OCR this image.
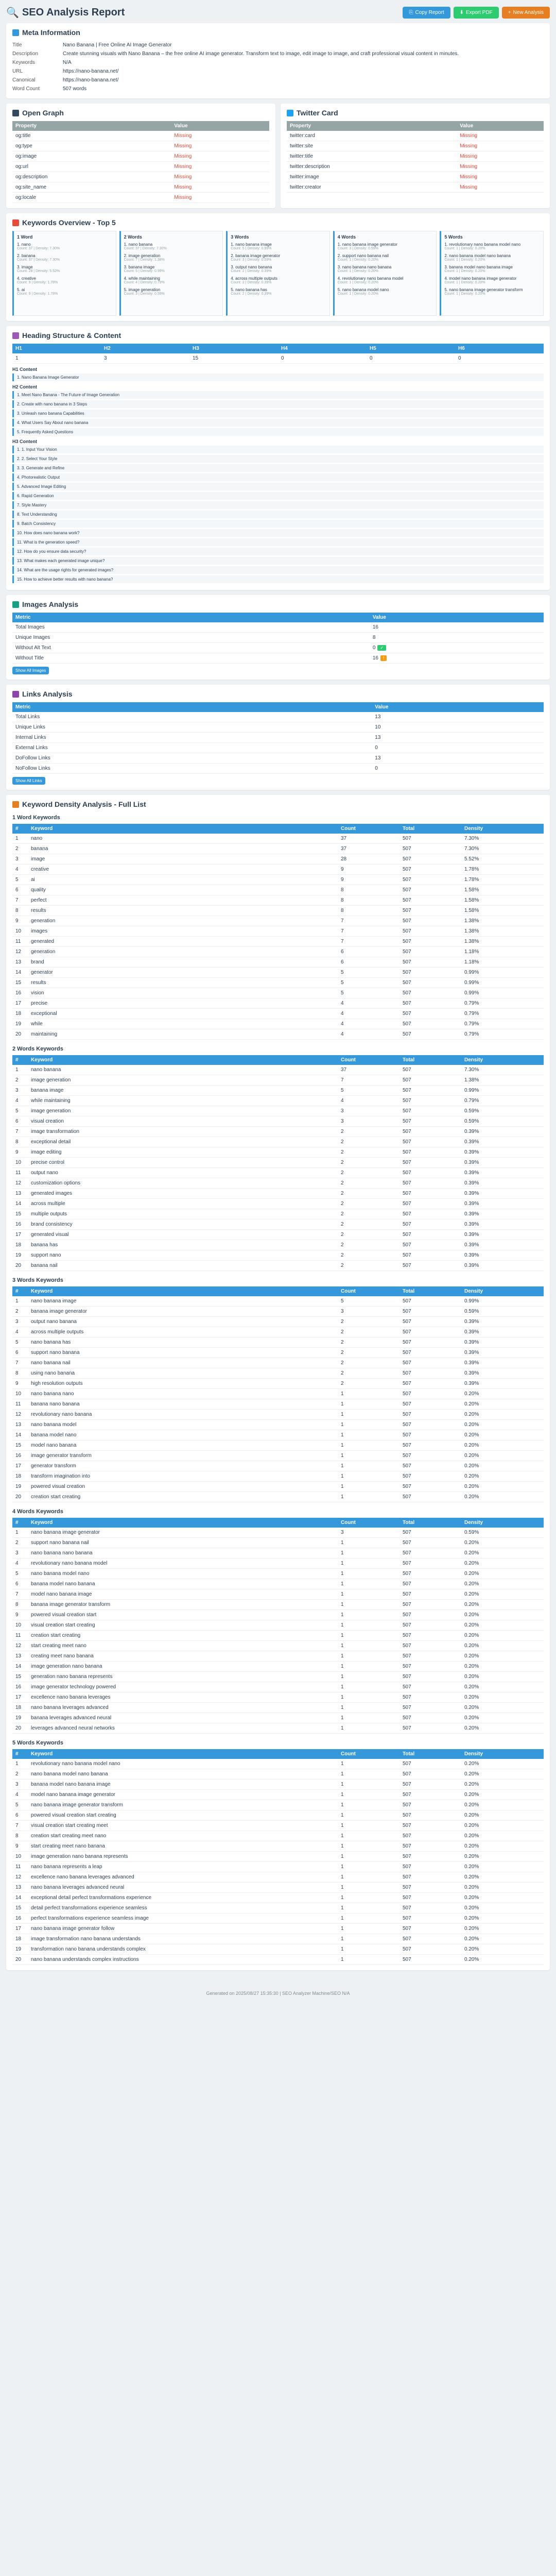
🔍 SEO Analysis Report	⎘ Copy Report	⬇ Export PDF	+ New Analysis
Meta Information
Title	Nano Banana | Free Online AI Image Generator
Description	Create stunning visuals with Nano Banana – the free online AI image generator. Transform text to image, edit image to image, and craft professional visual content in minutes.
Keywords	N/A
URL	https://nano-banana.net/
Canonical	https://nano-banana.net/
Word Count	507 words
Open Graph
Property	Value
og:title	Missing
og:type	Missing
og:image	Missing
og:url	Missing
og:description	Missing
og:site_name	Missing
og:locale	Missing
Twitter Card
Property	Value
twitter:card	Missing
twitter:site	Missing
twitter:title	Missing
twitter:description	Missing
twitter:image	Missing
twitter:creator	Missing
Keywords Overview - Top 5
1 Word
1. nano
Count: 37 | Density: 7.30%
2. banana
Count: 37 | Density: 7.30%
3. image
Count: 28 | Density: 5.52%
4. creative
Count: 9 | Density: 1.78%
5. ai
Count: 9 | Density: 1.78%
2 Words
1. nano banana
Count: 37 | Density: 7.30%
2. image generation
Count: 7 | Density: 1.38%
3. banana image
Count: 5 | Density: 0.99%
4. while maintaining
Count: 4 | Density: 0.79%
5. image generation
Count: 3 | Density: 0.59%
3 Words
1. nano banana image
Count: 5 | Density: 0.99%
2. banana image generator
Count: 3 | Density: 0.59%
3. output nano banana
Count: 2 | Density: 0.39%
4. across multiple outputs
Count: 2 | Density: 0.39%
5. nano banana has
Count: 2 | Density: 0.39%
4 Words
1. nano banana image generator
Count: 3 | Density: 0.59%
2. support nano banana nail
Count: 1 | Density: 0.20%
3. nano banana nano banana
Count: 1 | Density: 0.20%
4. revolutionary nano banana model
Count: 1 | Density: 0.20%
5. nano banana model nano
Count: 1 | Density: 0.20%
5 Words
1. revolutionary nano banana model nano
Count: 1 | Density: 0.20%
2. nano banana model nano banana
Count: 1 | Density: 0.20%
3. banana model nano banana image
Count: 1 | Density: 0.20%
4. model nano banana image generator
Count: 1 | Density: 0.20%
5. nano banana image generator transform
Count: 1 | Density: 0.20%
Heading Structure & Content
H1	H2	H3	H4	H5	H6
1	3	15	0	0	0
H1 Content
1. Nano Banana Image Generator
H2 Content
1. Meet Nano Banana - The Future of Image Generation
2. Create with nano banana in 3 Steps
3. Unleash nano banana Capabilities
4. What Users Say About nano banana
5. Frequently Asked Questions
H3 Content
1. 1. Input Your Vision
2. 2. Select Your Style
3. 3. Generate and Refine
4. Photorealistic Output
5. Advanced Image Editing
6. Rapid Generation
7. Style Mastery
8. Text Understanding
9. Batch Consistency
10. How does nano banana work?
11. What is the generation speed?
12. How do you ensure data security?
13. What makes each generated image unique?
14. What are the usage rights for generated images?
15. How to achieve better results with nano banana?
Images Analysis
Metric	Value
Total Images	16
Unique Images	8
Without Alt Text	0 ✓
Without Title	16 !
Show All Images
Links Analysis
Metric	Value
Total Links	13
Unique Links	10
Internal Links	13
External Links	0
DoFollow Links	13
NoFollow Links	0
Show All Links
Keyword Density Analysis - Full List
1 Word Keywords
#	Keyword	Count	Total	Density
1	nano	37	507	7.30%
2	banana	37	507	7.30%
3	image	28	507	5.52%
4	creative	9	507	1.78%
5	ai	9	507	1.78%
6	quality	8	507	1.58%
7	perfect	8	507	1.58%
8	results	8	507	1.58%
9	generation	7	507	1.38%
10	images	7	507	1.38%
11	generated	7	507	1.38%
12	generation	6	507	1.18%
13	brand	6	507	1.18%
14	generator	5	507	0.99%
15	results	5	507	0.99%
16	vision	5	507	0.99%
17	precise	4	507	0.79%
18	exceptional	4	507	0.79%
19	while	4	507	0.79%
20	maintaining	4	507	0.79%
2 Words Keywords
#	Keyword	Count	Total	Density
1	nano banana	37	507	7.30%
2	image generation	7	507	1.38%
3	banana image	5	507	0.99%
4	while maintaining	4	507	0.79%
5	image generation	3	507	0.59%
6	visual creation	3	507	0.59%
7	image transformation	2	507	0.39%
8	exceptional detail	2	507	0.39%
9	image editing	2	507	0.39%
10	precise control	2	507	0.39%
11	output nano	2	507	0.39%
12	customization options	2	507	0.39%
13	generated images	2	507	0.39%
14	across multiple	2	507	0.39%
15	multiple outputs	2	507	0.39%
16	brand consistency	2	507	0.39%
17	generated visual	2	507	0.39%
18	banana has	2	507	0.39%
19	support nano	2	507	0.39%
20	banana nail	2	507	0.39%
3 Words Keywords
#	Keyword	Count	Total	Density
1	nano banana image	5	507	0.99%
2	banana image generator	3	507	0.59%
3	output nano banana	2	507	0.39%
4	across multiple outputs	2	507	0.39%
5	nano banana has	2	507	0.39%
6	support nano banana	2	507	0.39%
7	nano banana nail	2	507	0.39%
8	using nano banana	2	507	0.39%
9	high resolution outputs	2	507	0.39%
10	nano banana nano	1	507	0.20%
11	banana nano banana	1	507	0.20%
12	revolutionary nano banana	1	507	0.20%
13	nano banana model	1	507	0.20%
14	banana model nano	1	507	0.20%
15	model nano banana	1	507	0.20%
16	image generator transform	1	507	0.20%
17	generator transform	1	507	0.20%
18	transform imagination into	1	507	0.20%
19	powered visual creation	1	507	0.20%
20	creation start creating	1	507	0.20%
4 Words Keywords
#	Keyword	Count	Total	Density
1	nano banana image generator	3	507	0.59%
2	support nano banana nail	1	507	0.20%
3	nano banana nano banana	1	507	0.20%
4	revolutionary nano banana model	1	507	0.20%
5	nano banana model nano	1	507	0.20%
6	banana model nano banana	1	507	0.20%
7	model nano banana image	1	507	0.20%
8	banana image generator transform	1	507	0.20%
9	powered visual creation start	1	507	0.20%
10	visual creation start creating	1	507	0.20%
11	creation start creating	1	507	0.20%
12	start creating meet nano	1	507	0.20%
13	creating meet nano banana	1	507	0.20%
14	image generation nano banana	1	507	0.20%
15	generation nano banana represents	1	507	0.20%
16	image generator technology powered	1	507	0.20%
17	excellence nano banana leverages	1	507	0.20%
18	nano banana leverages advanced	1	507	0.20%
19	banana leverages advanced neural	1	507	0.20%
20	leverages advanced neural networks	1	507	0.20%
5 Words Keywords
#	Keyword	Count	Total	Density
1	revolutionary nano banana model nano	1	507	0.20%
2	nano banana model nano banana	1	507	0.20%
3	banana model nano banana image	1	507	0.20%
4	model nano banana image generator	1	507	0.20%
5	nano banana image generator transform	1	507	0.20%
6	powered visual creation start creating	1	507	0.20%
7	visual creation start creating meet	1	507	0.20%
8	creation start creating meet nano	1	507	0.20%
9	start creating meet nano banana	1	507	0.20%
10	image generation nano banana represents	1	507	0.20%
11	nano banana represents a leap	1	507	0.20%
12	excellence nano banana leverages advanced	1	507	0.20%
13	nano banana leverages advanced neural	1	507	0.20%
14	exceptional detail perfect transformations experience	1	507	0.20%
15	detail perfect transformations experience seamless	1	507	0.20%
16	perfect transformations experience seamless image	1	507	0.20%
17	nano banana image generator follow	1	507	0.20%
18	image transformation nano banana understands	1	507	0.20%
19	transformation nano banana understands complex	1	507	0.20%
20	nano banana understands complex instructions	1	507	0.20%
Generated on 2025/08/27 15:35:30 | SEO Analyzer Machine/SEO N/A
